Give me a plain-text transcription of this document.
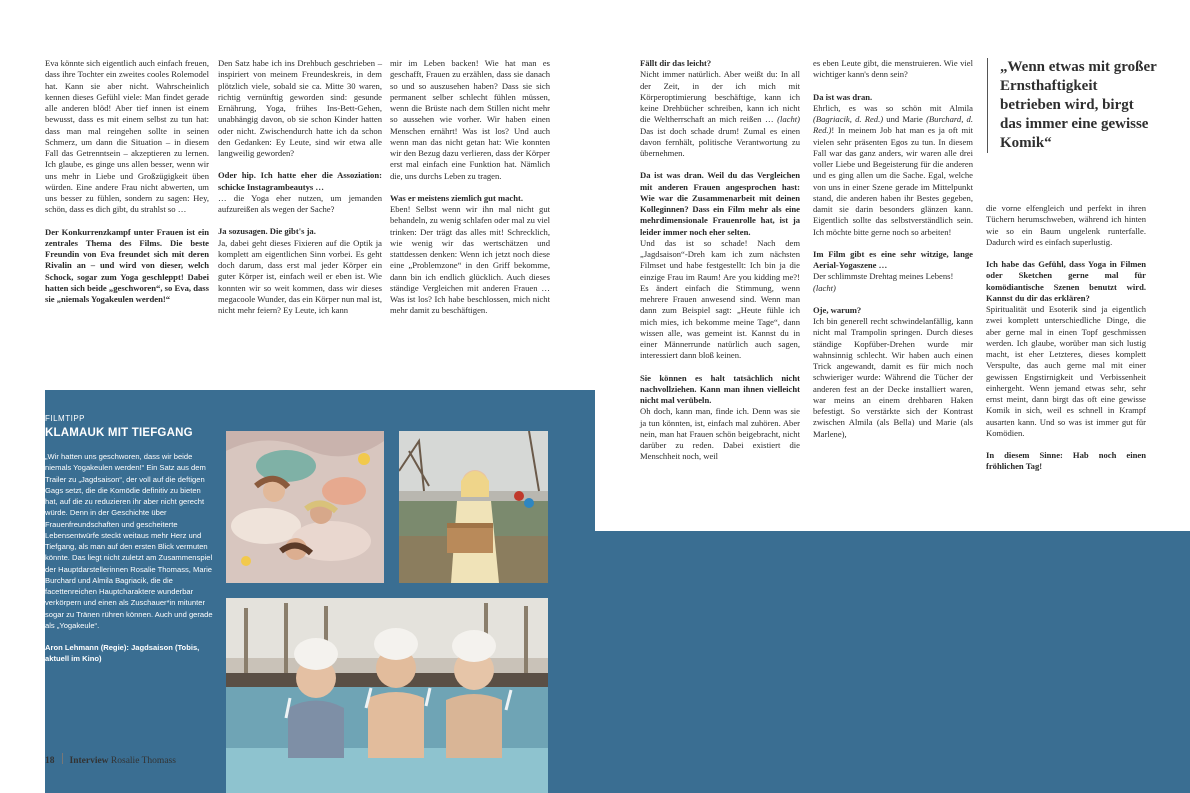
Eva könnte sich eigentlich auch einfach freuen, dass ihre Tochter ein zweites cooles Rolemodel hat. Kann sie aber nicht. Wahrscheinlich kennen dieses Gefühl viele: Man findet gerade alle anderen blöd! Aber tief innen ist einem bewusst, dass es mit einem selbst zu tun hat: dass man mal reingehen sollte in seinen Schmerz, um dann die Situation – in diesem Fall das Getrenntsein – akzeptieren zu lernen. Ich glaube, es ginge uns allen besser, wenn wir uns mehr in Liebe und Großzügigkeit üben würden. Eine andere Frau nicht abwerten, um uns besser zu fühlen, sondern zu sagen: Hey, schön, dass es dich gibt, du strahlst so …

Der Konkurrenzkampf unter Frauen ist ein zentrales Thema des Films. Die beste Freundin von Eva freundet sich mit deren Rivalin an – und wird von dieser, welch Schock, sogar zum Yoga geschleppt! Dabei hatten sich beide „geschworen“, so Eva, dass sie „niemals Yogakeulen werden!“

Den Satz habe ich ins Drehbuch geschrieben – inspiriert von meinem Freundeskreis, in dem plötzlich viele, sobald sie ca. Mitte 30 waren, richtig vernünftig geworden sind: gesunde Ernährung, Yoga, frühes Ins-Bett-Gehen, unabhängig davon, ob sie schon Kinder hatten oder nicht. Zwischendurch hatte ich da schon den Gedanken: Ey Leute, sind wir etwa alle langweilig geworden?

Oder hip. Ich hatte eher die Assoziation: schicke Instagrambeautys …

… die Yoga eher nutzen, um jemanden aufzureißen als wegen der Sache?

Ja sozusagen. Die gibt's ja.

Ja, dabei geht dieses Fixieren auf die Optik ja komplett am eigentlichen Sinn vorbei. Es geht doch darum, dass erst mal jeder Körper ein guter Körper ist, einfach weil er eben ist. Wie konnten wir so weit kommen, dass wir dieses megacoole Wunder, das ein Körper nun mal ist, nicht mehr feiern? Ey Leute, ich kann

mir im Leben backen! Wie hat man es geschafft, Frauen zu erzählen, dass sie danach so und so auszusehen haben? Dass sie sich permanent selber schlecht fühlen müssen, wenn die Brüste nach dem Stillen nicht mehr so aussehen wie vorher. Wir haben einen Menschen ernährt! Was ist los? Und auch wenn man das nicht getan hat: Wie konnten wir den Bezug dazu verlieren, dass der Körper erst mal einfach eine Funktion hat. Nämlich die, uns durchs Leben zu tragen.

Was er meistens ziemlich gut macht.

Eben! Selbst wenn wir ihn mal nicht gut behandeln, zu wenig schlafen oder mal zu viel trinken: Der trägt das alles mit! Schrecklich, wie wenig wir das wertschätzen und stattdessen denken: Wenn ich jetzt noch diese eine „Problemzone“ in den Griff bekomme, dann bin ich endlich glücklich. Auch dieses ständige Vergleichen mit anderen Frauen … Was ist los? Ich habe beschlossen, mich nicht mehr damit zu beschäftigen.

Fällt dir das leicht?

Nicht immer natürlich. Aber weißt du: In all der Zeit, in der ich mich mit Körperoptimierung beschäftige, kann ich keine Drehbücher schreiben, kann ich nicht die Weltherrschaft an mich reißen … (lacht) Das ist doch schade drum! Zumal es einen davon fernhält, politische Verantwortung zu übernehmen.

Da ist was dran. Weil du das Vergleichen mit anderen Frauen angesprochen hast: Wie war die Zusammenarbeit mit deinen Kolleginnen? Dass ein Film mehr als eine mehrdimensionale Frauenrolle hat, ist ja leider immer noch eher selten.

Und das ist so schade! Nach dem „Jagdsaison“-Dreh kam ich zum nächsten Filmset und habe festgestellt: Ich bin ja die einzige Frau im Raum! Are you kidding me?! Es ändert einfach die Stimmung, wenn mehrere Frauen anwesend sind. Wenn man dann zum Beispiel sagt: „Heute fühle ich mich mies, ich bekomme meine Tage“, dann wissen alle, was gemeint ist. Kannst du in einer Männerrunde natürlich auch sagen, interessiert dann bloß keinen.

Sie können es halt tatsächlich nicht nachvollziehen. Kann man ihnen vielleicht nicht mal verübeln.

Oh doch, kann man, finde ich. Denn was sie ja tun könnten, ist, einfach mal zuhören. Aber nein, man hat Frauen schön beigebracht, nicht darüber zu reden. Dabei existiert die Menschheit noch, weil

es eben Leute gibt, die menstruieren. Wie viel wichtiger kann's denn sein?

Da ist was dran.

Ehrlich, es was so schön mit Almila (Bagriacik, d. Red.) und Marie (Burchard, d. Red.)! In meinem Job hat man es ja oft mit vielen sehr präsenten Egos zu tun. In diesem Fall war das ganz anders, wir waren alle drei voller Liebe und Begeisterung für die anderen und es ging allen um die Sache. Egal, welche von uns in einer Szene gerade im Mittelpunkt stand, die anderen haben ihr Bestes gegeben, damit sie darin besonders glänzen kann. Eigentlich sollte das selbstverständlich sein. Ich möchte bitte gerne noch so arbeiten!

Im Film gibt es eine sehr witzige, lange Aerial-Yogaszene …

Der schlimmste Drehtag meines Lebens!
(lacht)

Oje, warum?

Ich bin generell recht schwindelanfällig, kann nicht mal Trampolin springen. Durch dieses ständige Kopfüber-Drehen wurde mir wahnsinnig schlecht. Wir haben auch einen Trick angewandt, damit es für mich noch schwieriger wurde: Während die Tücher der anderen fest an der Decke installiert waren, war meins an einem drehbaren Haken befestigt. So verstärkte sich der Kontrast zwischen Almila (als Bella) und Marie (als Marlene),

„Wenn etwas mit großer Ernsthaftigkeit betrieben wird, birgt das immer eine gewisse Komik“

die vorne elfengleich und perfekt in ihren Tüchern herumschweben, während ich hinten wie so ein Baum ungelenk runterfalle. Dadurch wird es einfach superlustig.

Ich habe das Gefühl, dass Yoga in Filmen oder Sketchen gerne mal für komödiantische Szenen benutzt wird. Kannst du dir das erklären?

Spiritualität und Esoterik sind ja eigentlich zwei komplett unterschiedliche Dinge, die aber gerne mal in einen Topf geschmissen werden. Ich glaube, worüber man sich lustig macht, ist eher Letzteres, dieses komplett Verspulte, das auch gerne mal mit einer gewissen Engstirnigkeit und Verbissenheit einhergeht. Wenn jemand etwas sehr, sehr ernst meint, dann birgt das oft eine gewisse Komik in sich, weil es schnell in Krampf ausarten kann. Und so was ist immer gut für Komödien.

In diesem Sinne: Hab noch einen fröhlichen Tag!

FILMTIPP
KLAMAUK MIT TIEFGANG
„Wir hatten uns geschworen, dass wir beide niemals Yogakeulen werden!“ Ein Satz aus dem Trailer zu „Jagdsaison“, der voll auf die deftigen Gags setzt, die die Komödie definitiv zu bieten hat, auf die zu reduzieren ihr aber nicht gerecht würde. Denn in der Geschichte über Frauenfreundschaften und gescheiterte Lebensentwürfe steckt weitaus mehr Herz und Tiefgang, als man auf den ersten Blick vermuten könnte. Das liegt nicht zuletzt am Zusammenspiel der Hauptdarstellerinnen Rosalie Thomass, Marie Burchard und Almila Bagriacik, die die facettenreichen Hauptcharaktere wunderbar verkörpern und einen als Zuschauer*in mitunter sogar zu Tränen rühren können. Auch und gerade als „Yogakeule“.
Aron Lehmann (Regie): Jagdsaison (Tobis, aktuell im Kino)
18 Interview Rosalie Thomass
